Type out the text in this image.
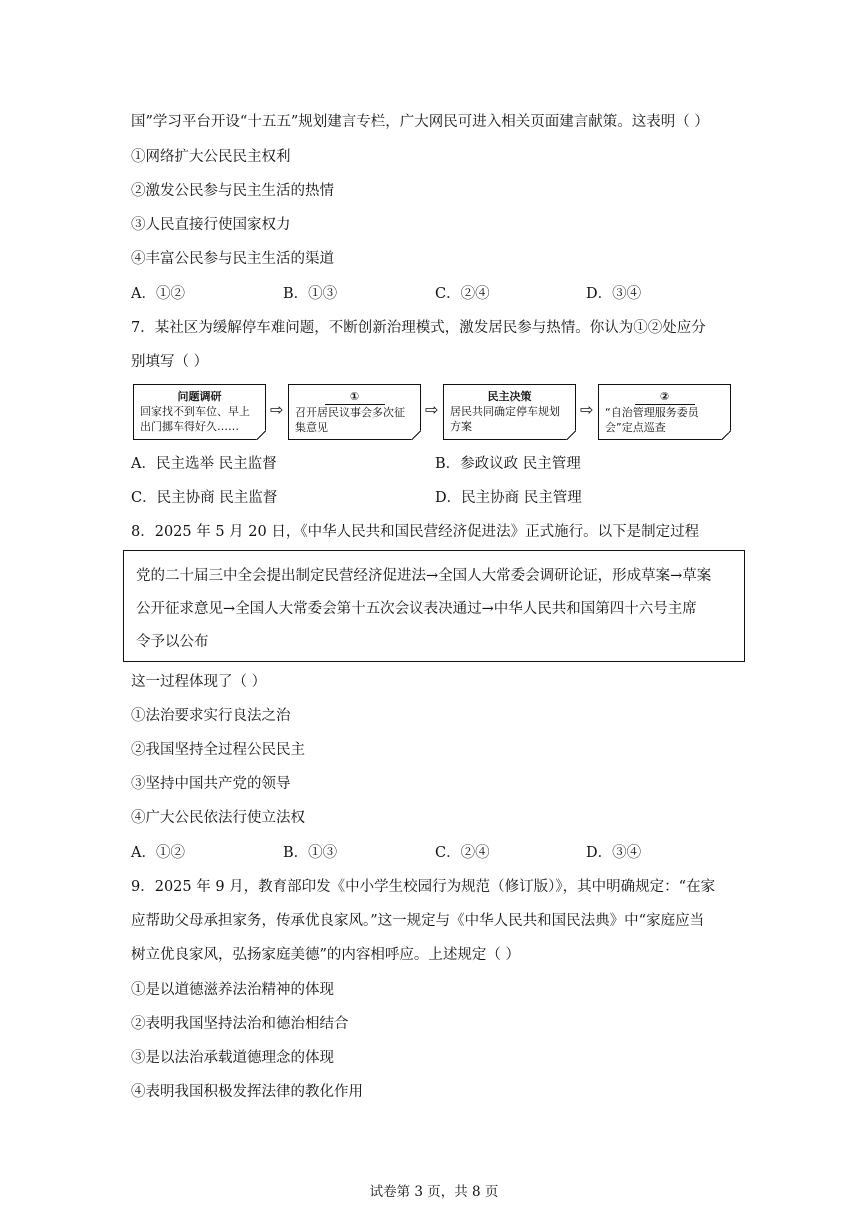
国”学习平台开设“十五五”规划建言专栏，广大网民可进入相关页面建言献策。这表明（ ）
①网络扩大公民民主权利
②激发公民参与民主生活的热情
③人民直接行使国家权力
④丰富公民参与民主生活的渠道
A．①②	B．①③	C．②④	D．③④
7．某社区为缓解停车难问题，不断创新治理模式，激发居民参与热情。你认为①②处应分
别填写（ ）
问题调研
回家找不到车位、早上出门挪车得好久……
⇨
①
召开居民议事会多次征集意见
⇨
民主决策
居民共同确定停车规划方案
⇨
②
“自治管理服务委员会”定点巡查
A．民主选举 民主监督	B．参政议政 民主管理
C．民主协商 民主监督	D．民主协商 民主管理
8．2025 年 5 月 20 日，《中华人民共和国民营经济促进法》正式施行。以下是制定过程
党的二十届三中全会提出制定民营经济促进法→全国人大常委会调研论证，形成草案→草案
公开征求意见→全国人大常委会第十五次会议表决通过→中华人民共和国第四十六号主席
令予以公布
这一过程体现了（ ）
①法治要求实行良法之治
②我国坚持全过程公民民主
③坚持中国共产党的领导
④广大公民依法行使立法权
A．①②	B．①③	C．②④	D．③④
9．2025 年 9 月，教育部印发《中小学生校园行为规范（修订版）》，其中明确规定：“在家
应帮助父母承担家务，传承优良家风。”这一规定与《中华人民共和国民法典》中“家庭应当
树立优良家风，弘扬家庭美德”的内容相呼应。上述规定（ ）
①是以道德滋养法治精神的体现
②表明我国坚持法治和德治相结合
③是以法治承载道德理念的体现
④表明我国积极发挥法律的教化作用
试卷第 3 页，共 8 页
